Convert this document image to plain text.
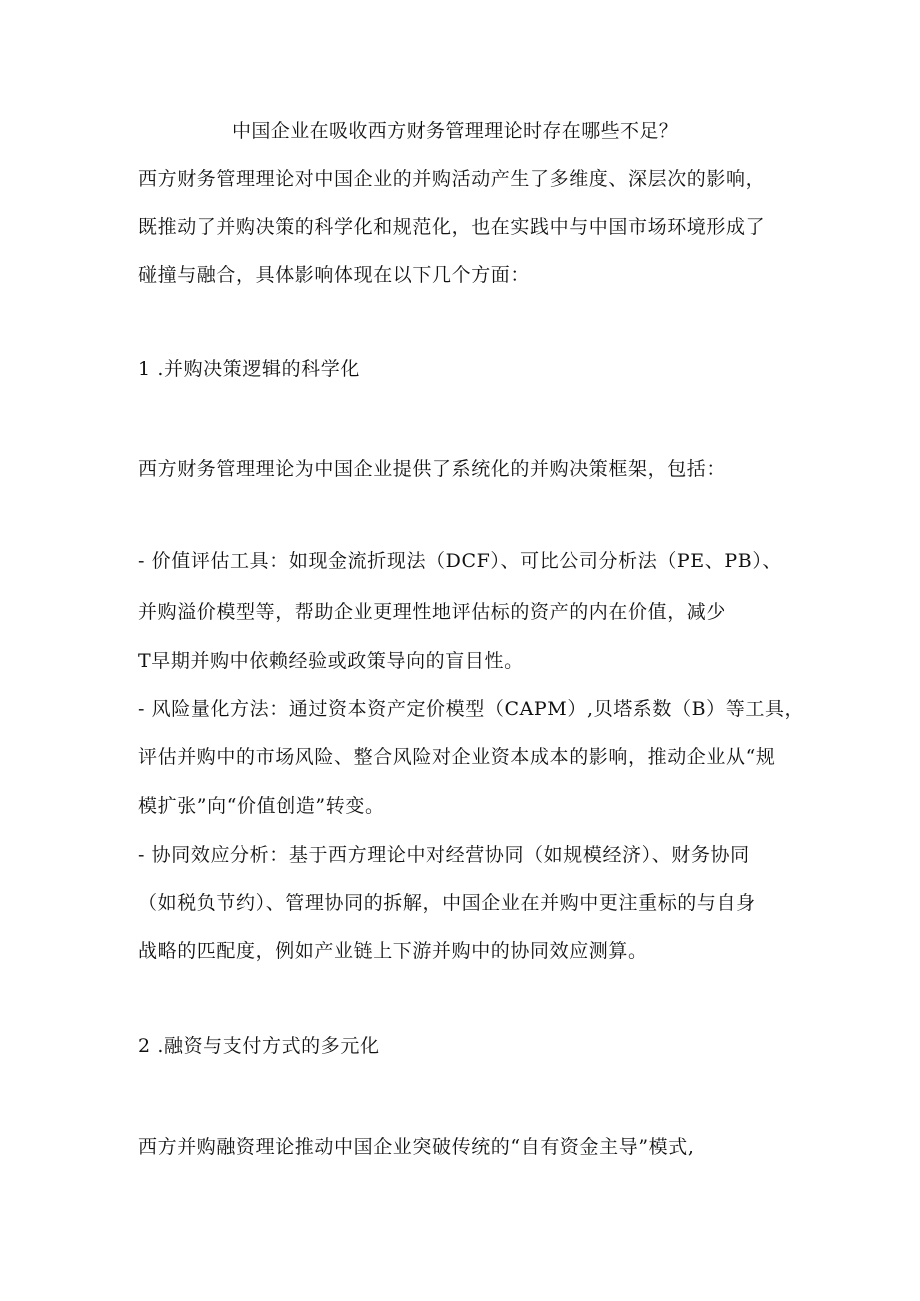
中国企业在吸收西方财务管理理论时存在哪些不足？
西方财务管理理论对中国企业的并购活动产生了多维度、深层次的影响，
既推动了并购决策的科学化和规范化，也在实践中与中国市场环境形成了
碰撞与融合，具体影响体现在以下几个方面：
1 .并购决策逻辑的科学化
西方财务管理理论为中国企业提供了系统化的并购决策框架，包括：
- 价值评估工具：如现金流折现法（DCF）、可比公司分析法（PE、PB）、
并购溢价模型等，帮助企业更理性地评估标的资产的内在价值，减少
T早期并购中依赖经验或政策导向的盲目性。
- 风险量化方法：通过资本资产定价模型（CAPM）,贝塔系数（B）等工具，
评估并购中的市场风险、整合风险对企业资本成本的影响，推动企业从“规
模扩张”向“价值创造”转变。
- 协同效应分析：基于西方理论中对经营协同（如规模经济）、财务协同
（如税负节约）、管理协同的拆解，中国企业在并购中更注重标的与自身
战略的匹配度，例如产业链上下游并购中的协同效应测算。
2 .融资与支付方式的多元化
西方并购融资理论推动中国企业突破传统的“自有资金主导”模式,
